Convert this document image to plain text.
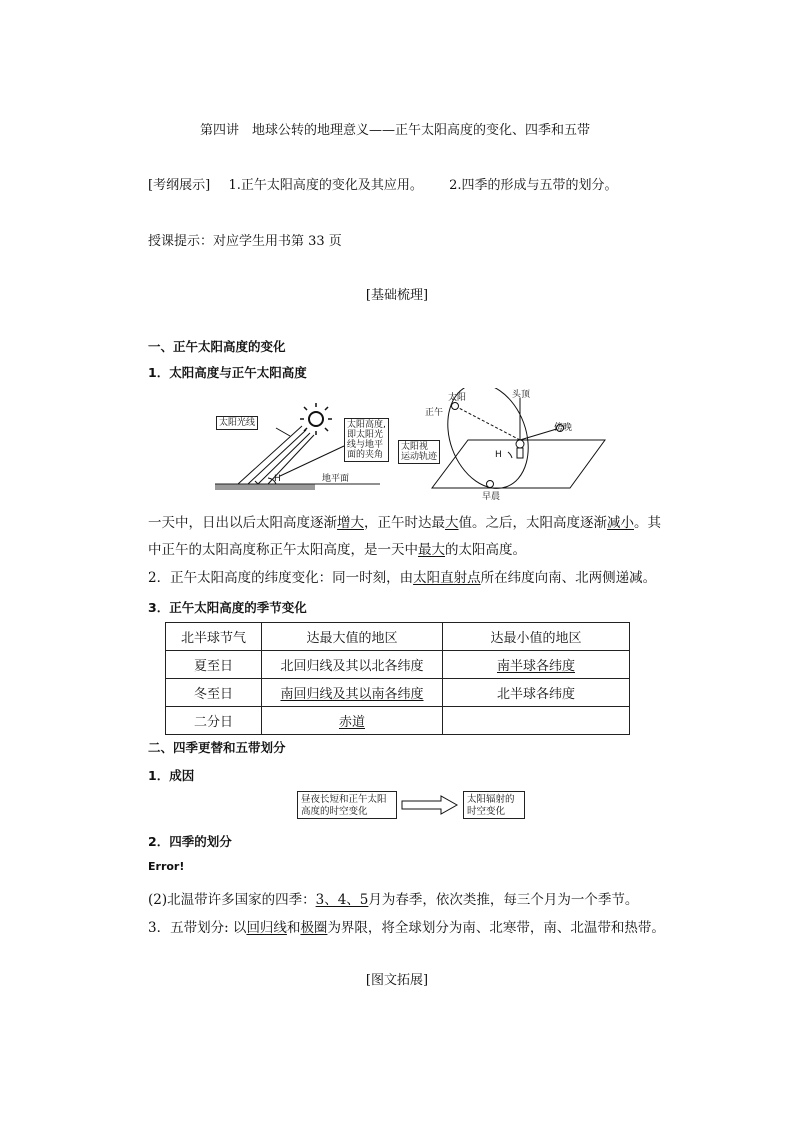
第四讲　地球公转的地理意义——正午太阳高度的变化、四季和五带
[考纲展示] 1.正午太阳高度的变化及其应用。 2.四季的形成与五带的划分。
授课提示：对应学生用书第 33 页
[基础梳理]
一、正午太阳高度的变化
1．太阳高度与正午太阳高度
太阳光线	太阳高度,
即太阳光
线与地平
面的夹角
H	地平面
太阳	头顶
正午
傍晚
太阳视
运动轨迹	H
早晨
一天中，日出以后太阳高度逐渐增大，正午时达最大值。之后，太阳高度逐渐减小。其
中正午的太阳高度称正午太阳高度，是一天中最大的太阳高度。
2．正午太阳高度的纬度变化：同一时刻，由太阳直射点所在纬度向南、北两侧递减。
3．正午太阳高度的季节变化
北半球节气	达最大值的地区	达最小值的地区
夏至日	北回归线及其以北各纬度	南半球各纬度
冬至日	南回归线及其以南各纬度	北半球各纬度
二分日	赤道	
二、四季更替和五带划分
1．成因
昼夜长短和正午太阳
高度的时空变化
太阳辐射的
时空变化
2．四季的划分
Error!
(2)北温带许多国家的四季：3、4、5月为春季，依次类推，每三个月为一个季节。
3．五带划分: 以回归线和极圈为界限，将全球划分为南、北寒带，南、北温带和热带。
[图文拓展]
